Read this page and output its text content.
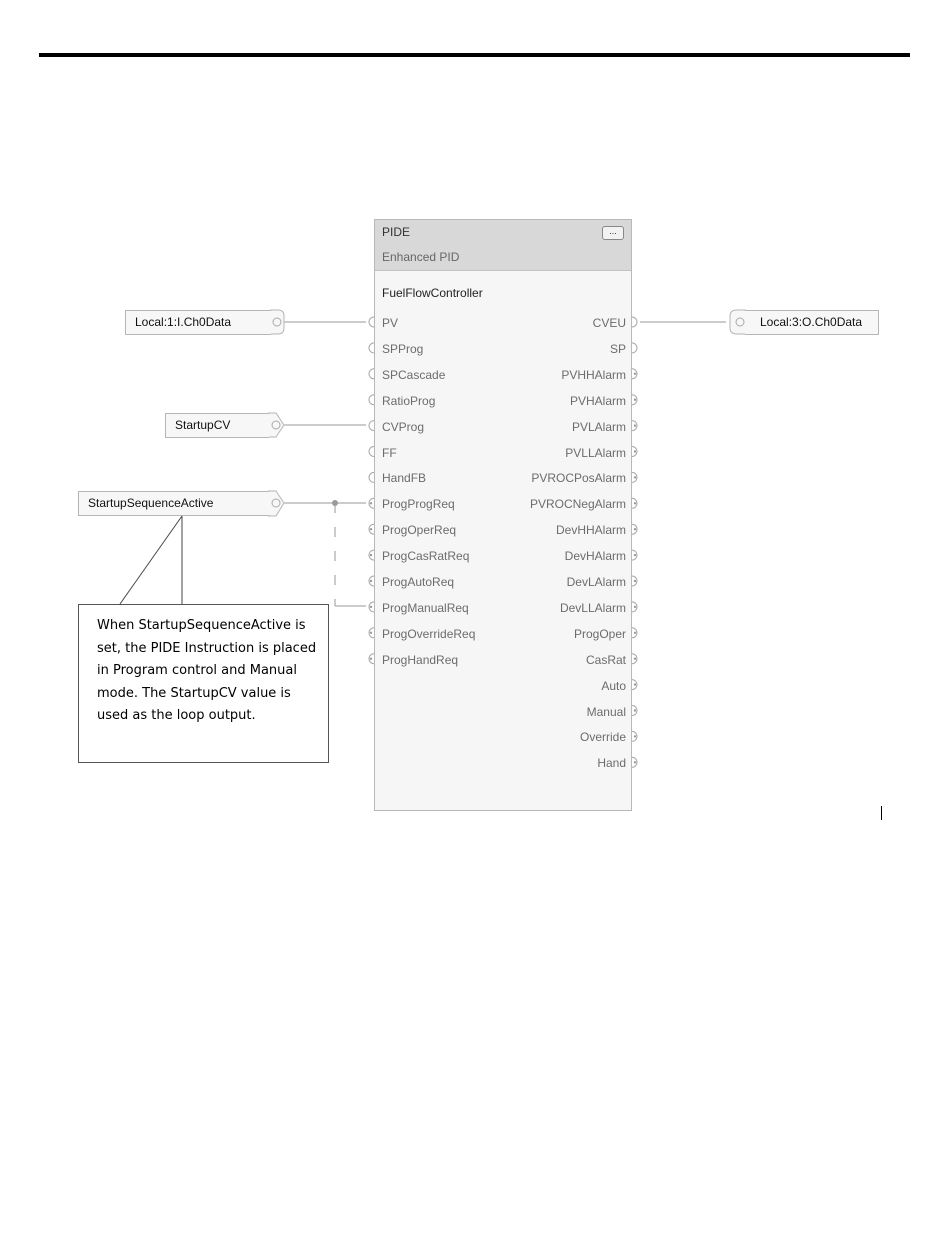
PIDE
Enhanced PID
...
FuelFlowController
PV
SPProg
SPCascade
RatioProg
CVProg
FF
HandFB
ProgProgReq
ProgOperReq
ProgCasRatReq
ProgAutoReq
ProgManualReq
ProgOverrideReq
ProgHandReq
CVEU
SP
PVHHAlarm
PVHAlarm
PVLAlarm
PVLLAlarm
PVROCPosAlarm
PVROCNegAlarm
DevHHAlarm
DevHAlarm
DevLAlarm
DevLLAlarm
ProgOper
CasRat
Auto
Manual
Override
Hand
Local:1:I.Ch0Data
StartupCV
StartupSequenceActive
Local:3:O.Ch0Data
When StartupSequenceActive is set, the PIDE Instruction is placed in Program control and Manual mode. The StartupCV value is used as the loop output.
